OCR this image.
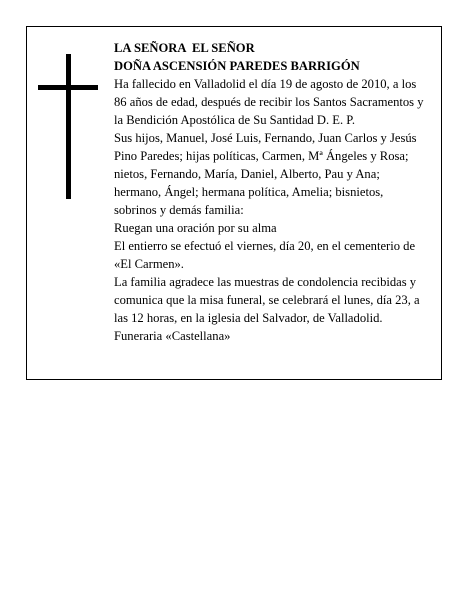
LA SEÑORA  EL SEÑOR

DOÑA ASCENSIÓN PAREDES BARRIGÓN

Ha fallecido en Valladolid el día 19 de agosto de 2010, a los 86 años de edad, después de recibir los Santos Sacramentos y la Bendición Apostólica de Su Santidad D. E. P.

Sus hijos, Manuel, José Luis, Fernando, Juan Carlos y Jesús Pino Paredes; hijas políticas, Carmen, Mª Ángeles y Rosa; nietos, Fernando, María, Daniel, Alberto, Pau y Ana; hermano, Ángel; hermana política, Amelia; bisnietos, sobrinos y demás familia:

Ruegan una oración por su alma

El entierro se efectuó el viernes, día 20, en el cementerio de «El Carmen».

La familia agradece las muestras de condolencia recibidas y comunica que la misa funeral, se celebrará el lunes, día 23, a las 12 horas, en la iglesia del Salvador, de Valladolid.

Funeraria «Castellana»
